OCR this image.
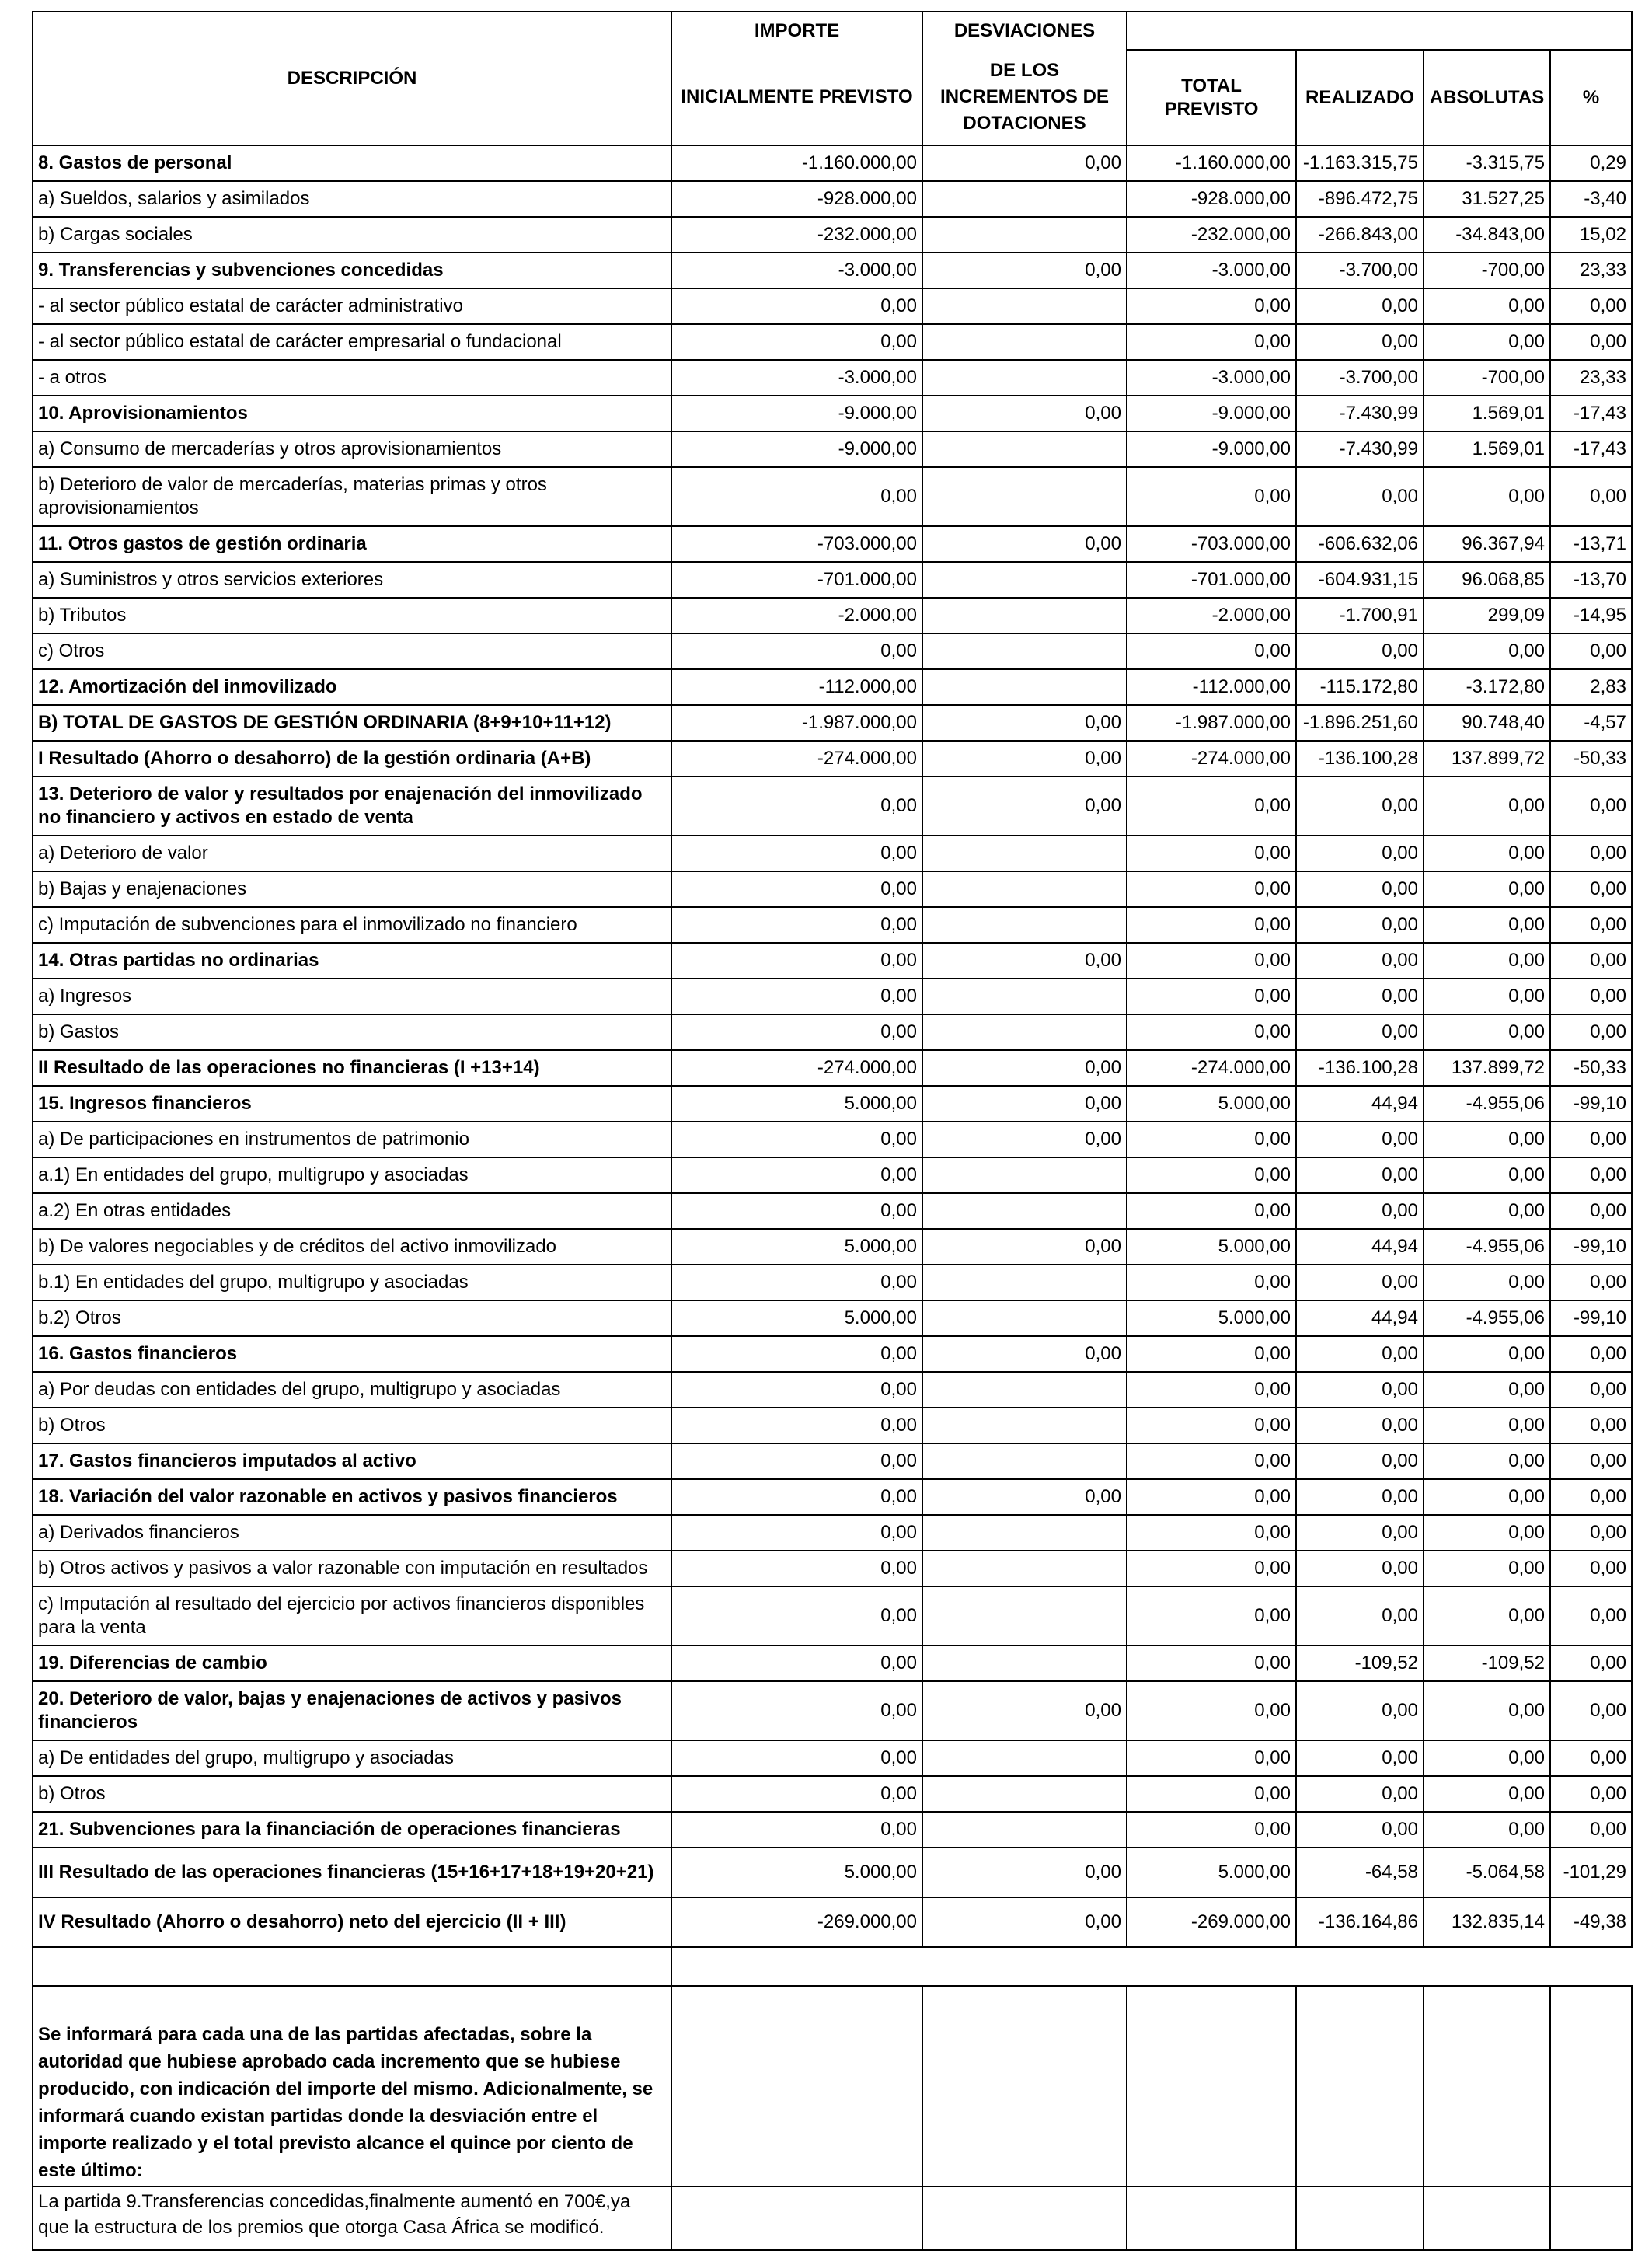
DESCRIPCIÓN	IMPORTE	DESVIACIONES				
	INICIALMENTE PREVISTO	DE LOS INCREMENTOS DE DOTACIONES	TOTAL PREVISTO	REALIZADO	ABSOLUTAS	%
8. Gastos de personal	-1.160.000,00	0,00	-1.160.000,00	-1.163.315,75	-3.315,75	0,29
a) Sueldos, salarios y asimilados	-928.000,00		-928.000,00	-896.472,75	31.527,25	-3,40
b) Cargas sociales	-232.000,00		-232.000,00	-266.843,00	-34.843,00	15,02
9. Transferencias y subvenciones concedidas	-3.000,00	0,00	-3.000,00	-3.700,00	-700,00	23,33
- al sector público estatal de carácter administrativo	0,00		0,00	0,00	0,00	0,00
- al sector público estatal de carácter empresarial o fundacional	0,00		0,00	0,00	0,00	0,00
- a otros	-3.000,00		-3.000,00	-3.700,00	-700,00	23,33
10. Aprovisionamientos	-9.000,00	0,00	-9.000,00	-7.430,99	1.569,01	-17,43
a) Consumo de mercaderías y otros aprovisionamientos	-9.000,00		-9.000,00	-7.430,99	1.569,01	-17,43
b) Deterioro de valor de mercaderías, materias primas y otros aprovisionamientos	0,00		0,00	0,00	0,00	0,00
11. Otros gastos de gestión ordinaria	-703.000,00	0,00	-703.000,00	-606.632,06	96.367,94	-13,71
a) Suministros y otros servicios exteriores	-701.000,00		-701.000,00	-604.931,15	96.068,85	-13,70
b) Tributos	-2.000,00		-2.000,00	-1.700,91	299,09	-14,95
c) Otros	0,00		0,00	0,00	0,00	0,00
12. Amortización del inmovilizado	-112.000,00		-112.000,00	-115.172,80	-3.172,80	2,83
B) TOTAL DE GASTOS DE GESTIÓN ORDINARIA (8+9+10+11+12)	-1.987.000,00	0,00	-1.987.000,00	-1.896.251,60	90.748,40	-4,57
I Resultado (Ahorro o desahorro) de la gestión ordinaria (A+B)	-274.000,00	0,00	-274.000,00	-136.100,28	137.899,72	-50,33
13. Deterioro de valor y resultados por enajenación del inmovilizado no financiero y activos en estado de venta	0,00	0,00	0,00	0,00	0,00	0,00
a) Deterioro de valor	0,00		0,00	0,00	0,00	0,00
b) Bajas y enajenaciones	0,00		0,00	0,00	0,00	0,00
c) Imputación de subvenciones para el inmovilizado no financiero	0,00		0,00	0,00	0,00	0,00
14. Otras partidas no ordinarias	0,00	0,00	0,00	0,00	0,00	0,00
a) Ingresos	0,00		0,00	0,00	0,00	0,00
b) Gastos	0,00		0,00	0,00	0,00	0,00
II Resultado de las operaciones no financieras (I +13+14)	-274.000,00	0,00	-274.000,00	-136.100,28	137.899,72	-50,33
15. Ingresos financieros	5.000,00	0,00	5.000,00	44,94	-4.955,06	-99,10
a) De participaciones en instrumentos de patrimonio	0,00	0,00	0,00	0,00	0,00	0,00
a.1) En entidades del grupo, multigrupo y asociadas	0,00		0,00	0,00	0,00	0,00
a.2) En otras entidades	0,00		0,00	0,00	0,00	0,00
b) De valores negociables y de créditos del activo inmovilizado	5.000,00	0,00	5.000,00	44,94	-4.955,06	-99,10
b.1) En entidades del grupo, multigrupo y asociadas	0,00		0,00	0,00	0,00	0,00
b.2) Otros	5.000,00		5.000,00	44,94	-4.955,06	-99,10
16. Gastos financieros	0,00	0,00	0,00	0,00	0,00	0,00
a) Por deudas con entidades del grupo, multigrupo y asociadas	0,00		0,00	0,00	0,00	0,00
b) Otros	0,00		0,00	0,00	0,00	0,00
17. Gastos financieros imputados al activo	0,00		0,00	0,00	0,00	0,00
18. Variación del valor razonable en activos y pasivos financieros	0,00	0,00	0,00	0,00	0,00	0,00
a) Derivados financieros	0,00		0,00	0,00	0,00	0,00
b) Otros activos y pasivos a valor razonable con imputación en resultados	0,00		0,00	0,00	0,00	0,00
c) Imputación al resultado del ejercicio por activos financieros disponibles para la venta	0,00		0,00	0,00	0,00	0,00
19. Diferencias de cambio	0,00		0,00	-109,52	-109,52	0,00
20. Deterioro de valor, bajas y enajenaciones de activos y pasivos financieros	0,00	0,00	0,00	0,00	0,00	0,00
a) De entidades del grupo, multigrupo y asociadas	0,00		0,00	0,00	0,00	0,00
b) Otros	0,00		0,00	0,00	0,00	0,00
21. Subvenciones para la financiación de operaciones financieras	0,00		0,00	0,00	0,00	0,00
III Resultado de las operaciones financieras (15+16+17+18+19+20+21)	5.000,00	0,00	5.000,00	-64,58	-5.064,58	-101,29
IV Resultado (Ahorro o desahorro) neto del ejercicio (II + III)	-269.000,00	0,00	-269.000,00	-136.164,86	132.835,14	-49,38

Se informará para cada una de las partidas afectadas, sobre la autoridad que hubiese aprobado cada incremento que se hubiese producido, con indicación del importe del mismo. Adicionalmente, se informará cuando existan partidas donde la desviación entre el importe realizado y el total previsto alcance el quince por ciento de este último:						
La partida 9.Transferencias concedidas,finalmente aumentó en 700€,ya que la estructura de los premios que otorga Casa África se modificó.						
